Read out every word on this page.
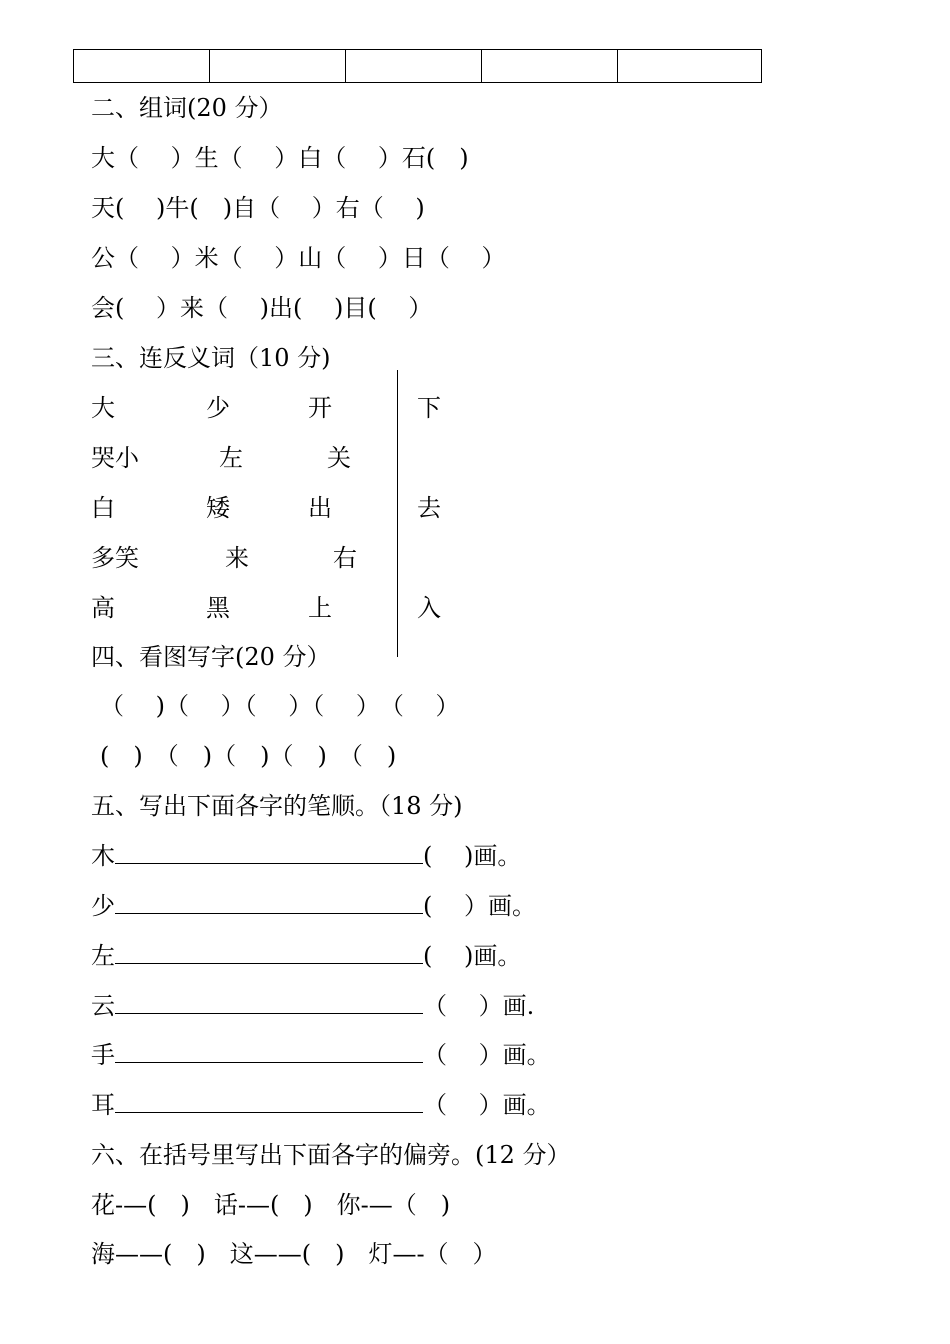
二、组词(20 分）
大（　 ）生（　 ）白（　 ）石(　)
天(　 )牛(　)自（　 ）右（　 )
公（　 ）米（　 ）山（　 ）日（　 ）
会(　 ）来（　 )出(　 )目(　 ）
三、连反义词（10 分)
大	少	开	下
哭小	左	关
白	矮	出	去
多笑	来	右
高	黑	上	入
四、看图写字(20 分）
（　 )（　 ）（　 ）（　 ）　（　 ）
(　)　（　)（　)（　)　（　)
五、写出下面各字的笔顺。（18 分)
木	(　 )画。
少	(　 ）画。
左	(　 )画。
云	（　 ）画.
手	（　 ）画。
耳	（　 ）画。
六、在括号里写出下面各字的偏旁。(12 分）
花-—(　)　话-—(　)　你-—（　)
海——(　)　这——(　)　灯—-（　）
